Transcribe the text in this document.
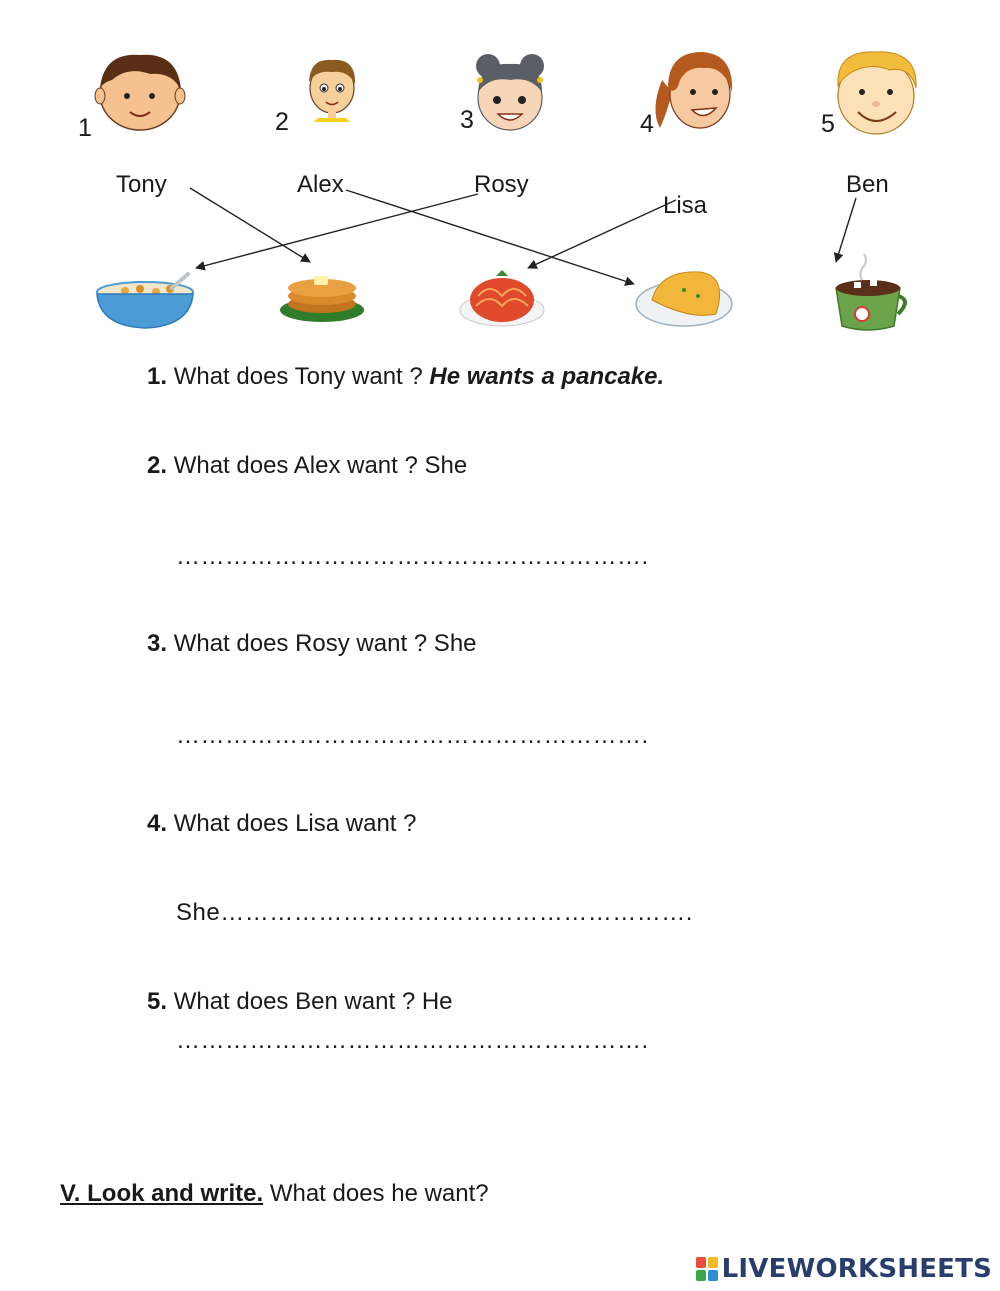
1	2	3	4	5
Tony	Alex	Rosy
Lisa
Ben
1. What does Tony want ? He wants a pancake.
2. What does Alex want ? She
………………………………………………….
3. What does Rosy want ? She
………………………………………………….
4. What does Lisa want ?
She………………………………………………….
5. What does Ben want ? He
………………………………………………….
V. Look and write. What does he want?
LIVEWORKSHEETS
